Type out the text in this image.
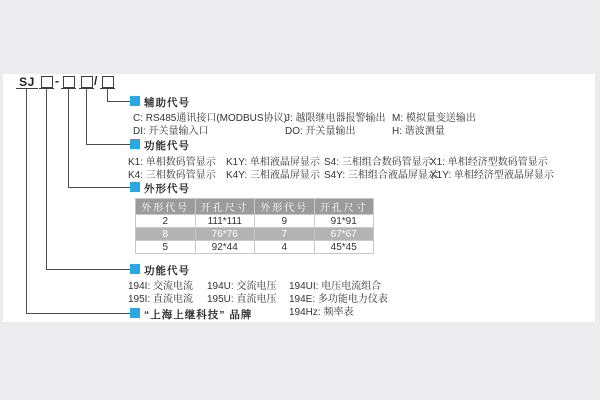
SJ -	/
辅助代号
功能代号
外形代号
功能代号
“上海上继科技” 品牌
C: RS485通讯接口(MODBUS协议)
J: 越限继电器报警输出 M: 模拟量变送输出
DI: 开关量输入口	DO: 开关量输出	H: 谐波测量
K1: 单相数码管显示 K1Y: 单相液晶屏显示 S4: 三相组合数码管显示
X1: 单相经济型数码管显示
K4: 三相数码管显示 K4Y: 三相液晶屏显示 S4Y: 三相组合液晶屏显示
X1Y: 单相经济型液晶屏显示
外形代号	开孔尺寸	外形代号	开孔尺寸
2	111*111	9	91*91
8	76*76	7	67*67
5	92*44	4	45*45
194I: 交流电流 194U: 交流电压 194UI: 电压电流组合
195I: 直流电流 195U: 直流电压 194E: 多功能电力仪表
194Hz: 频率表
